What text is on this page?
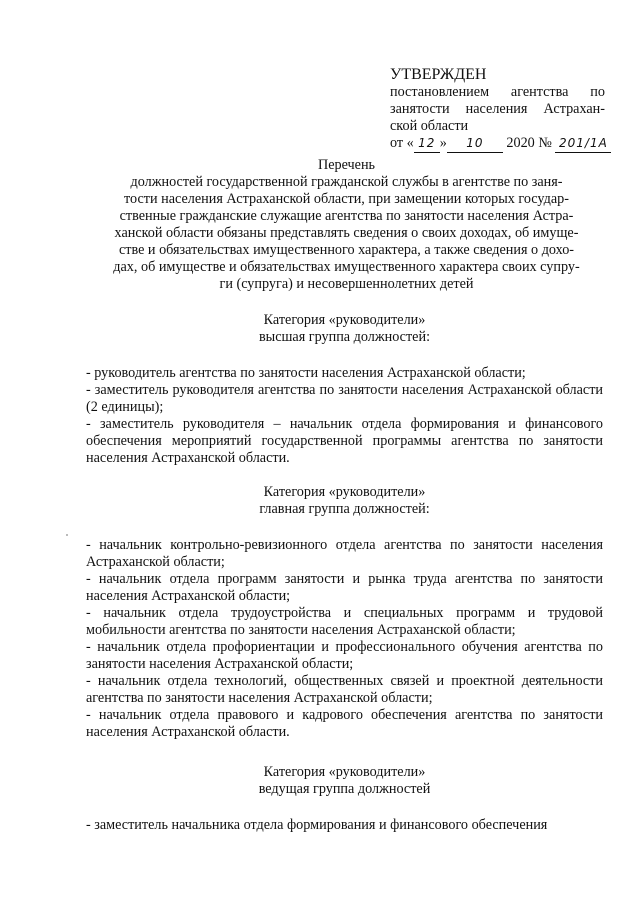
УТВЕРЖДЕН
постановлением агентства по
занятости населения Астрахан-
ской области
от « 12 » 10 2020 № 201/1А
Перечень
должностей государственной гражданской службы в агентстве по заня-
тости населения Астраханской области, при замещении которых государ-
ственные гражданские служащие агентства по занятости населения Астра-
ханской области обязаны представлять сведения о своих доходах, об имуще-
стве и обязательствах имущественного характера, а также сведения о дохо-
дах, об имуществе и обязательствах имущественного характера своих супру-
ги (супруга) и несовершеннолетних детей
Категория «руководители»
высшая группа должностей:
- руководитель агентства по занятости населения Астраханской области;
- заместитель руководителя агентства по занятости населения Астраханской области (2 единицы);
- заместитель руководителя – начальник отдела формирования и финансового обеспечения мероприятий государственной программы агентства по занятости населения Астраханской области.
Категория «руководители»
главная группа должностей:
- начальник контрольно-ревизионного отдела агентства по занятости населения Астраханской области;
- начальник отдела программ занятости и рынка труда агентства по занятости населения Астраханской области;
- начальник отдела трудоустройства и специальных программ и трудовой мобильности агентства по занятости населения Астраханской области;
- начальник отдела профориентации и профессионального обучения агентства по занятости населения Астраханской области;
- начальник отдела технологий, общественных связей и проектной деятельности агентства по занятости населения Астраханской области;
- начальник отдела правового и кадрового обеспечения агентства по занятости населения Астраханской области.
Категория «руководители»
ведущая группа должностей
- заместитель начальника отдела формирования и финансового обеспечения
